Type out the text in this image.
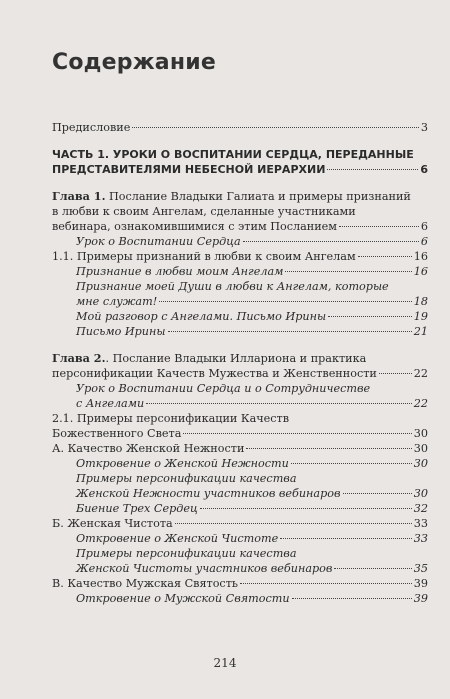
Содержание
Предисловие	3
ЧАСТЬ 1. УРОКИ О ВОСПИТАНИИ СЕРДЦА, ПЕРЕДАННЫЕ
ПРЕДСТАВИТЕЛЯМИ НЕБЕСНОЙ ИЕРАРХИИ	6
Глава 1. Послание Владыки Галиата и примеры признаний
в любви к своим Ангелам, сделанные участниками
вебинара, ознакомившимися с этим Посланием	6
Урок о Воспитании Сердца	6
1.1. Примеры признаний в любви к своим Ангелам	16
Признание в любви моим Ангелам	16
Признание моей Души в любви к Ангелам, которые
мне служат!	18
Мой разговор с Ангелами. Письмо Ирины	19
Письмо Ирины	21
Глава 2.. Послание Владыки Иллариона и практика
персонификации Качеств Мужества и Женственности	22
Урок о Воспитании Сердца и о Сотрудничестве
с Ангелами	22
2.1. Примеры персонификации Качеств
Божественного Света	30
А. Качество Женской Нежности	30
Откровение о Женской Нежности	30
Примеры персонификации качества
Женской Нежности участников вебинаров	30
Биение Трех Сердец	32
Б. Женская Чистота	33
Откровение о Женской Чистоте	33
Примеры персонификации качества
Женской Чистоты участников вебинаров	35
В. Качество Мужская Святость	39
Откровение о Мужской Святости	39
214
